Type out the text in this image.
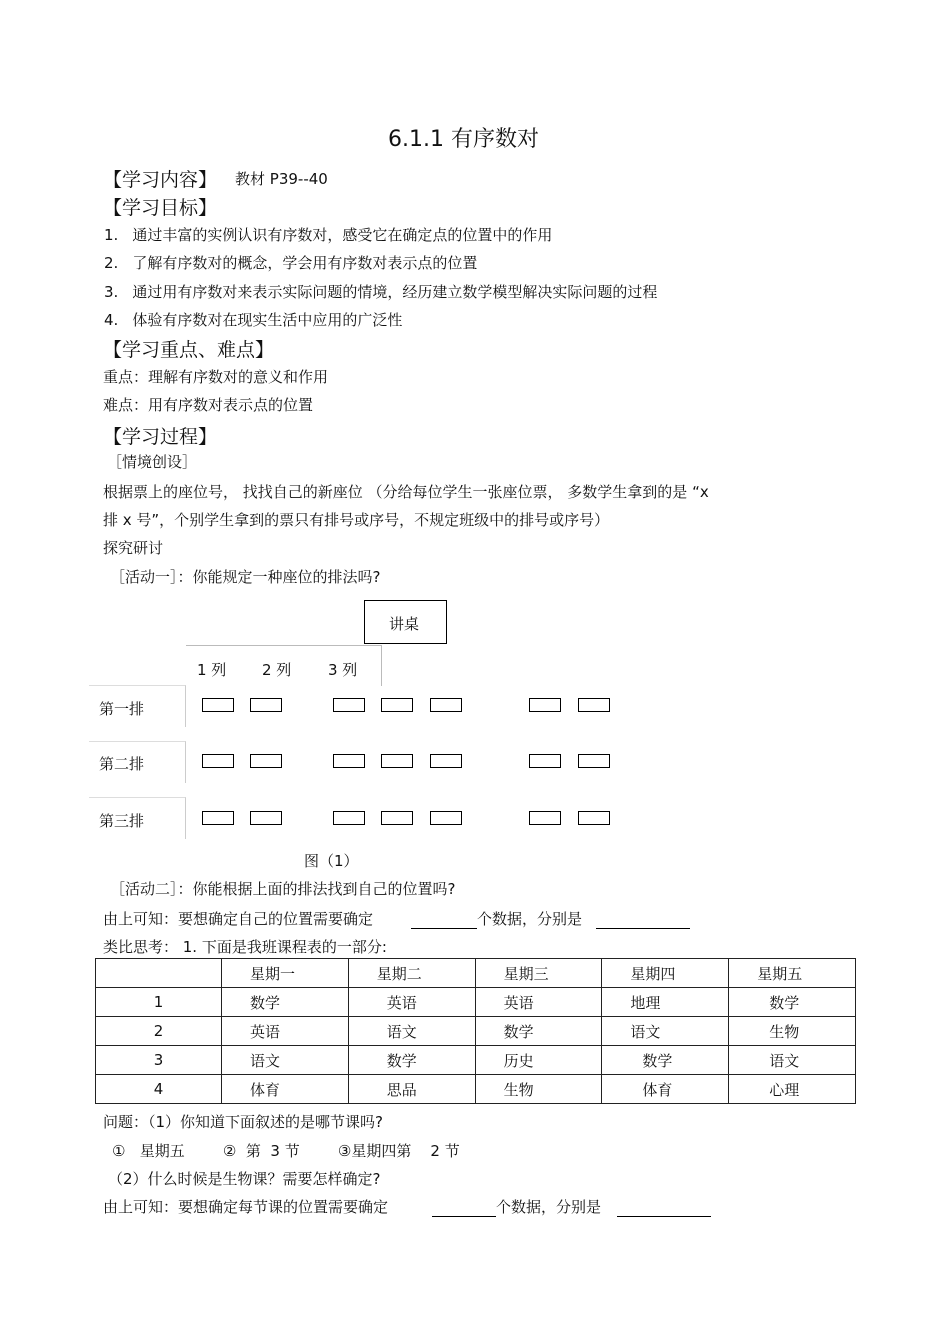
6.1.1 有序数对
【学习内容】 教材 P39--40
【学习目标】
1. 通过丰富的实例认识有序数对，感受它在确定点的位置中的作用
2. 了解有序数对的概念，学会用有序数对表示点的位置
3. 通过用有序数对来表示实际问题的情境，经历建立数学模型解决实际问题的过程
4. 体验有序数对在现实生活中应用的广泛性
【学习重点、难点】
重点：理解有序数对的意义和作用
难点：用有序数对表示点的位置
【学习过程】
［情境创设］
根据票上的座位号， 找找自己的新座位 （分给每位学生一张座位票， 多数学生拿到的是 “x
排 x 号”，个别学生拿到的票只有排号或序号，不规定班级中的排号或序号）
探究研讨
［活动一］：你能规定一种座位的排法吗?
讲桌
1 列 2 列 3 列
第一排
第二排
第三排
图（1）
［活动二］：你能根据上面的排法找到自己的位置吗?
由上可知：要想确定自己的位置需要确定	个数据，分别是
类比思考： 1. 下面是我班课程表的一部分:
	星期一	星期二	星期三	星期四	星期五
1	数学	英语	英语	地理	数学
2	英语	语文	数学	语文	生物
3	语文	数学	历史	数学	语文
4	体育	思品	生物	体育	心理
问题：（1）你知道下面叙述的是哪节课吗?
①   星期五        ②  第  3 节        ③星期四第    2 节
（2）什么时候是生物课？需要怎样确定?
由上可知：要想确定每节课的位置需要确定	个数据，分别是
